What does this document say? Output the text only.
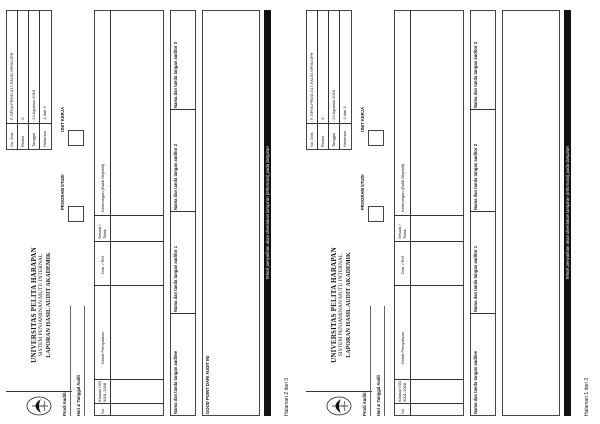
UNIVERSITAS PELITA HARAPAN SISTEM PENJAMINAN MUTU INTERNAL LAPORAN HASIL AUDIT AKADEMIK
No. Dok
: F-SPMI-PROD-017-FAUD-SPMI-UPH
Revisi
: 0
Tanggal
: 22 Agustus 2016
Halaman
: 1 dari 3
Prodi Auditi Hari & Tanggal Audit
PROGRAM STUDI
UNIT KERJA
No
Klausul ISO 9001-2008
Detail Pernyataan
Dok. / Ref
Sesuai / Tidak
Keterangan (Bukti Objektif)
Nama dan tanda tangan auditee
Nama dan tanda tangan auditor 1
Nama dan tanda tangan auditor 2
Nama dan tanda tangan auditor 3
GOOD POINT DARI AUDIT INI
Teknik penyalinan akan disertakan lampiran (Informasi) pada lampiran
Halaman 2 dari 3
UNIVERSITAS PELITA HARAPAN SISTEM PENJAMINAN MUTU INTERNAL LAPORAN HASIL AUDIT AKADEMIK
No. Dok
: F-SPMI-PROD-017-FAUD-SPMI-UPH
Revisi
: 0
Tanggal
: 22 Agustus 2016
Halaman
: 1 dari 3
Prodi Auditi Hari & Tanggal Audit
PROGRAM STUDI
UNIT KERJA
No
Klausul ISO 9001-2008
Detail Pernyataan
Dok. / Ref
Sesuai / Tidak
Keterangan (Bukti Objektif)
Nama dan tanda tangan auditee
Nama dan tanda tangan auditor 1
Nama dan tanda tangan auditor 2
Nama dan tanda tangan auditor 3
Teknik penyalinan akan disertakan lampiran (Informasi) pada lampiran
Halaman 1 dari 3
